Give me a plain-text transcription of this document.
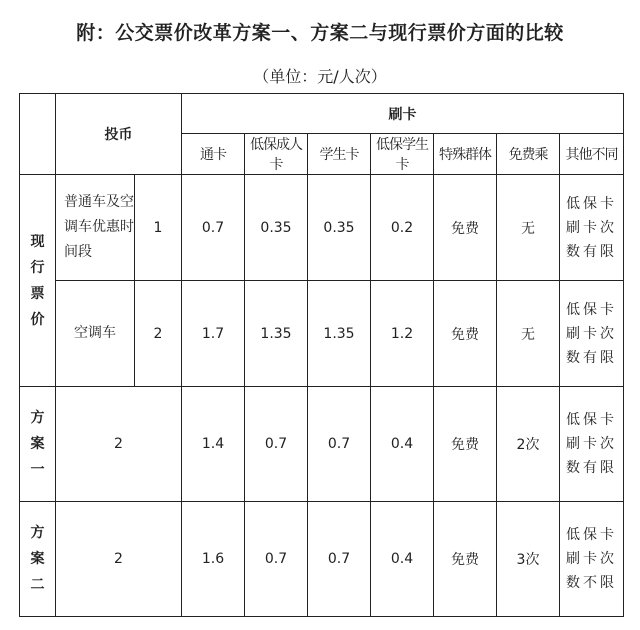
附：公交票价改革方案一、方案二与现行票价方面的比较
（单位：元/人次）
	投币		刷卡						
			通卡	低保成人卡	学生卡	低保学生卡	特殊群体	免费乘	其他不同

现
行
票
价	普通车及空调车优惠时间段	1	0.7	0.35	0.35	0.2	免费	无	低保卡刷卡次数有限
	空调车	2	1.7	1.35	1.35	1.2	免费	无	低保卡刷卡次数有限

方
案
一	2		1.4	0.7	0.7	0.4	免费	2次	低保卡刷卡次数有限

方
案
二	2		1.6	0.7	0.7	0.4	免费	3次	低保卡刷卡次数不限
